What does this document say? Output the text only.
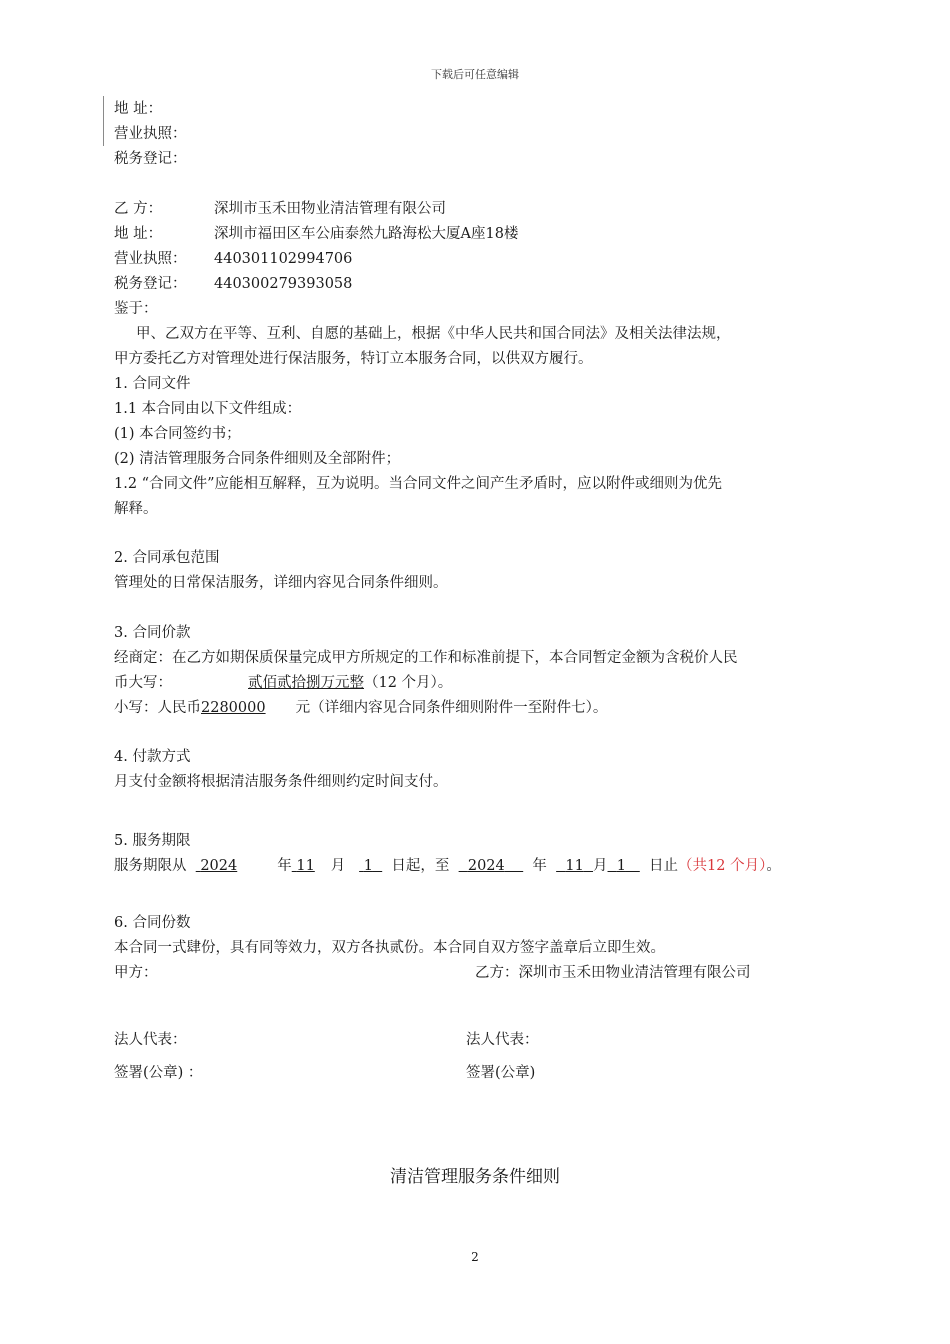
下载后可任意编辑
地 址：
营业执照：
税务登记：
乙 方：	深圳市玉禾田物业清洁管理有限公司
地 址：	深圳市福田区车公庙泰然九路海松大厦A座18楼
营业执照： 440301102994706
税务登记： 440300279393058
鉴于：
甲、乙双方在平等、互利、自愿的基础上，根据《中华人民共和国合同法》及相关法律法规，
甲方委托乙方对管理处进行保洁服务，特订立本服务合同，以供双方履行。
1. 合同文件
1.1 本合同由以下文件组成：
(1) 本合同签约书；
(2) 清洁管理服务合同条件细则及全部附件；
1.2 “合同文件”应能相互解释，互为说明。当合同文件之间产生矛盾时，应以附件或细则为优先
解释。
2. 合同承包范围
管理处的日常保洁服务，详细内容见合同条件细则。
3. 合同价款
经商定：在乙方如期保质保量完成甲方所规定的工作和标准前提下，本合同暂定金额为含税价人民
币大写：	贰佰贰拾捌万元整（12 个月）。
小写：人民币2280000 元（详细内容见合同条件细则附件一至附件七）。
4. 付款方式
月支付金额将根据清洁服务条件细则约定时间支付。
5. 服务期限
服务期限从 2024	年 11 月 1 日起，至 2024 年 11 月 1 日止（共12 个月）。
6. 合同份数
本合同一式肆份，具有同等效力，双方各执贰份。本合同自双方签字盖章后立即生效。
甲方：	乙方：深圳市玉禾田物业清洁管理有限公司
法人代表：	法人代表：
签署(公章) ：	签署(公章)
清洁管理服务条件细则
2
